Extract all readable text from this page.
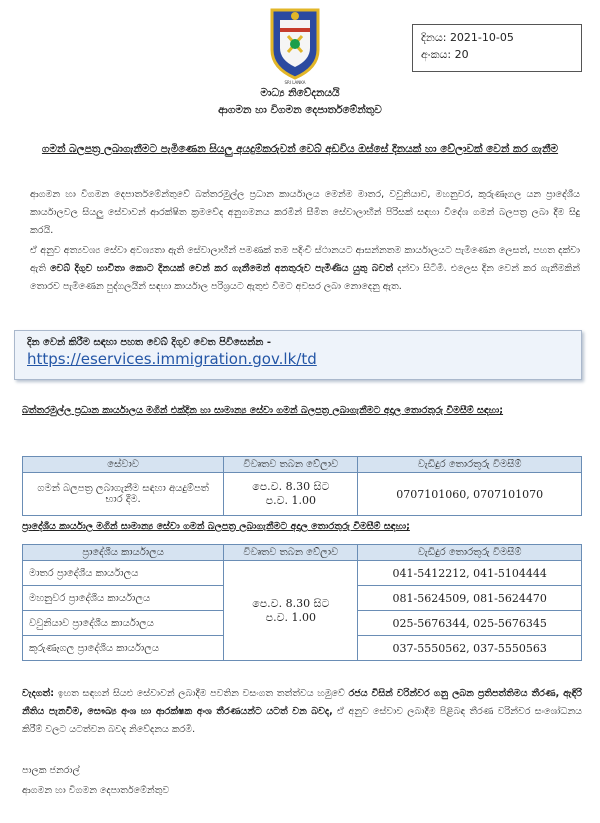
SRI LANKA
දිනය: 2021-10-05
අංකය: 20
මාධ්‍ය නිවේදනයයි
ආගමන හා විගමන දෙපාර්තමේන්තුව
ගමන් බලපත්‍ර ලබාගැනීමට පැමිණෙන සියලු අයදුම්කරුවන් වෙබ් අඩවිය ඔස්සේ දිනයක් හා වේලාවක් වෙන් කර ගැනීම
ආගමන හා විගමන දෙපාර්තමේන්තුවේ බත්තරමුල්ල ප්‍රධාන කාර්යාලය මෙන්ම මාතර, වවුනියාව, මහනුවර, කුරුණෑගල යන ප්‍රාදේශීය කාර්යාලවල සියලු සේවාවන් ආරක්ෂිත ක්‍රමවේද අනුගමනය කරමින් සීමිත සේවාලාභීන් පිරිසක් සඳහා විදේශ ගමන් බලපත්‍ර ලබා දීම සිදු කරයි.
ඒ අනුව අත්‍යවශ්‍ය සේවා අවශ්‍යතා ඇති සේවාලාභීන් පමණක් තම පදිංචි ස්ථානයට ආසන්නතම කාර්යාලයට පැමිණෙන ලෙසත්, පහත දක්වා ඇති වෙබ් දිගුව භාවිතා කොට දිනයක් වෙන් කර ගැනීමෙන් අනතුරුව පැමිණිය යුතු බවත් දන්වා සිටිමි. එලෙස දින වෙන් කර ගැනීමකින් තොරව පැමිණෙන පුද්ගලයින් සඳහා කාර්යාල පරිශ්‍රයට ඇතුළු වීමට අවසර ලබා නොදෙනු ඇත.
දින වෙන් කිරීම සඳහා පහත වෙබ් දිගුව වෙත පිවිසෙන්න -
https://eservices.immigration.gov.lk/td
බත්තරමුල්ල ප්‍රධාන කාර්යාලය මගින් එක්දින හා සාමාන්‍ය සේවා ගමන් බලපත්‍ර ලබාගැනීමට අදාල තොරතුරු විමසීම් සඳහා;
සේවාව	විවෘතව තබන වේලාව	වැඩිදුර තොරතුරු විමසීම්
ගමන් බලපත්‍ර ලබාගැනීම සඳහා අයදුම්පත් භාර දීම.	පෙ.ව. 8.30 සිට
ප.ව. 1.00	0707101060, 0707101070
ප්‍රාදේශීය කාර්යාල මගින් සාමාන්‍ය සේවා ගමන් බලපත්‍ර ලබාගැනීමට අදාල තොරතුරු විමසීම් සඳහා;
ප්‍රාදේශීය කාර්යාලය	විවෘතව තබන වේලාව	වැඩිදුර තොරතුරු විමසීම්
මාතර ප්‍රාදේශීය කාර්යාලය	පෙ.ව. 8.30 සිට
ප.ව. 1.00	041-5412212, 041-5104444
මහනුවර ප්‍රාදේශීය කාර්යාලය		081-5624509, 081-5624470
වවුනියාව ප්‍රාදේශීය කාර්යාලය		025-5676344, 025-5676345
කුරුණෑගල ප්‍රාදේශීය කාර්යාලය		037-5550562, 037-5550563
වැදගත්: ඉහත සඳහන් සියළු සේවාවන් ලබාදීම පවතින වසංගත තත්ත්වය හමුවේ රජය විසින් වරින්වර ගනු ලබන ප්‍රතිපත්තිමය තීරණ, ඇඳිරි නීතිය පැනවීම, සෞඛ්‍ය අංශ හා ආරක්ෂක අංශ තීරණයන්ට යටත් වන බවද, ඒ අනුව සේවාව ලබාදීම පිළිබඳ තීරණ වරින්වර සංශෝධනය කිරීම් වලට යටත්වන බවද නිවේදනය කරමි.
පාලක ජනරාල්
ආගමන හා විගමන දෙපාර්තමේන්තුව
